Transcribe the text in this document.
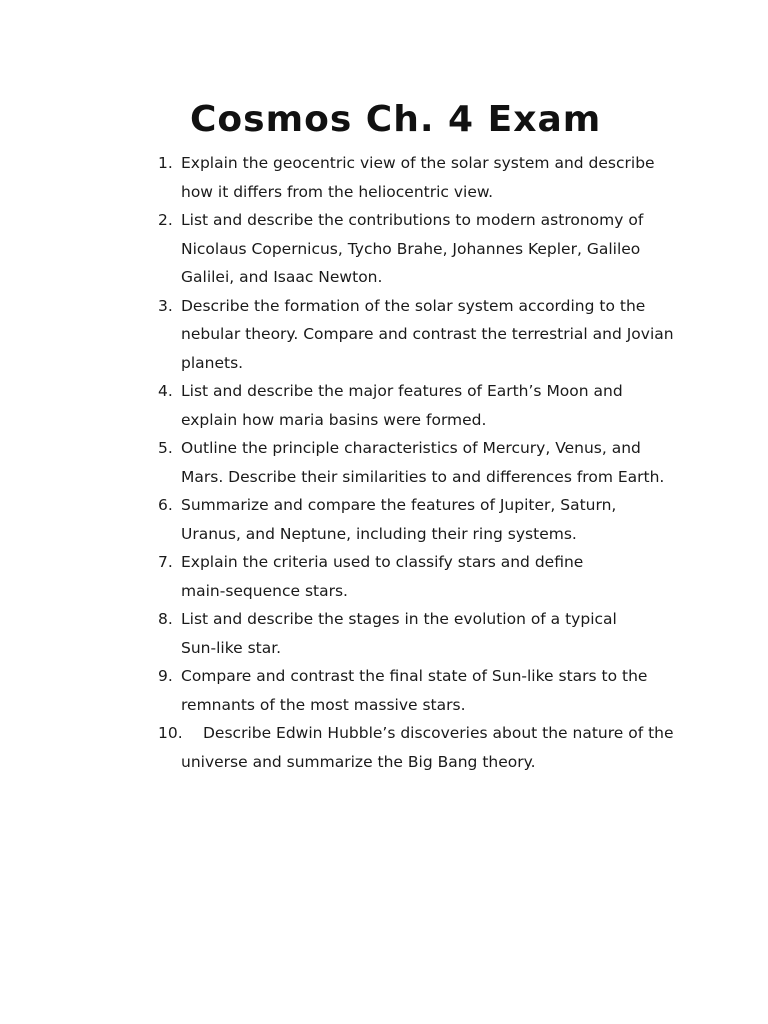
Cosmos Ch. 4 Exam
1. Explain the geocentric view of the solar system and describe
how it differs from the heliocentric view.
2. List and describe the contributions to modern astronomy of
Nicolaus Copernicus, Tycho Brahe, Johannes Kepler, Galileo
Galilei, and Isaac Newton.
3. Describe the formation of the solar system according to the
nebular theory. Compare and contrast the terrestrial and Jovian
planets.
4. List and describe the major features of Earth’s Moon and
explain how maria basins were formed.
5. Outline the principle characteristics of Mercury, Venus, and
Mars. Describe their similarities to and differences from Earth.
6. Summarize and compare the features of Jupiter, Saturn,
Uranus, and Neptune, including their ring systems.
7. Explain the criteria used to classify stars and define
main-sequence stars.
8. List and describe the stages in the evolution of a typical
Sun-like star.
9. Compare and contrast the final state of Sun-like stars to the
remnants of the most massive stars.
10.	Describe Edwin Hubble’s discoveries about the nature of the
universe and summarize the Big Bang theory.
